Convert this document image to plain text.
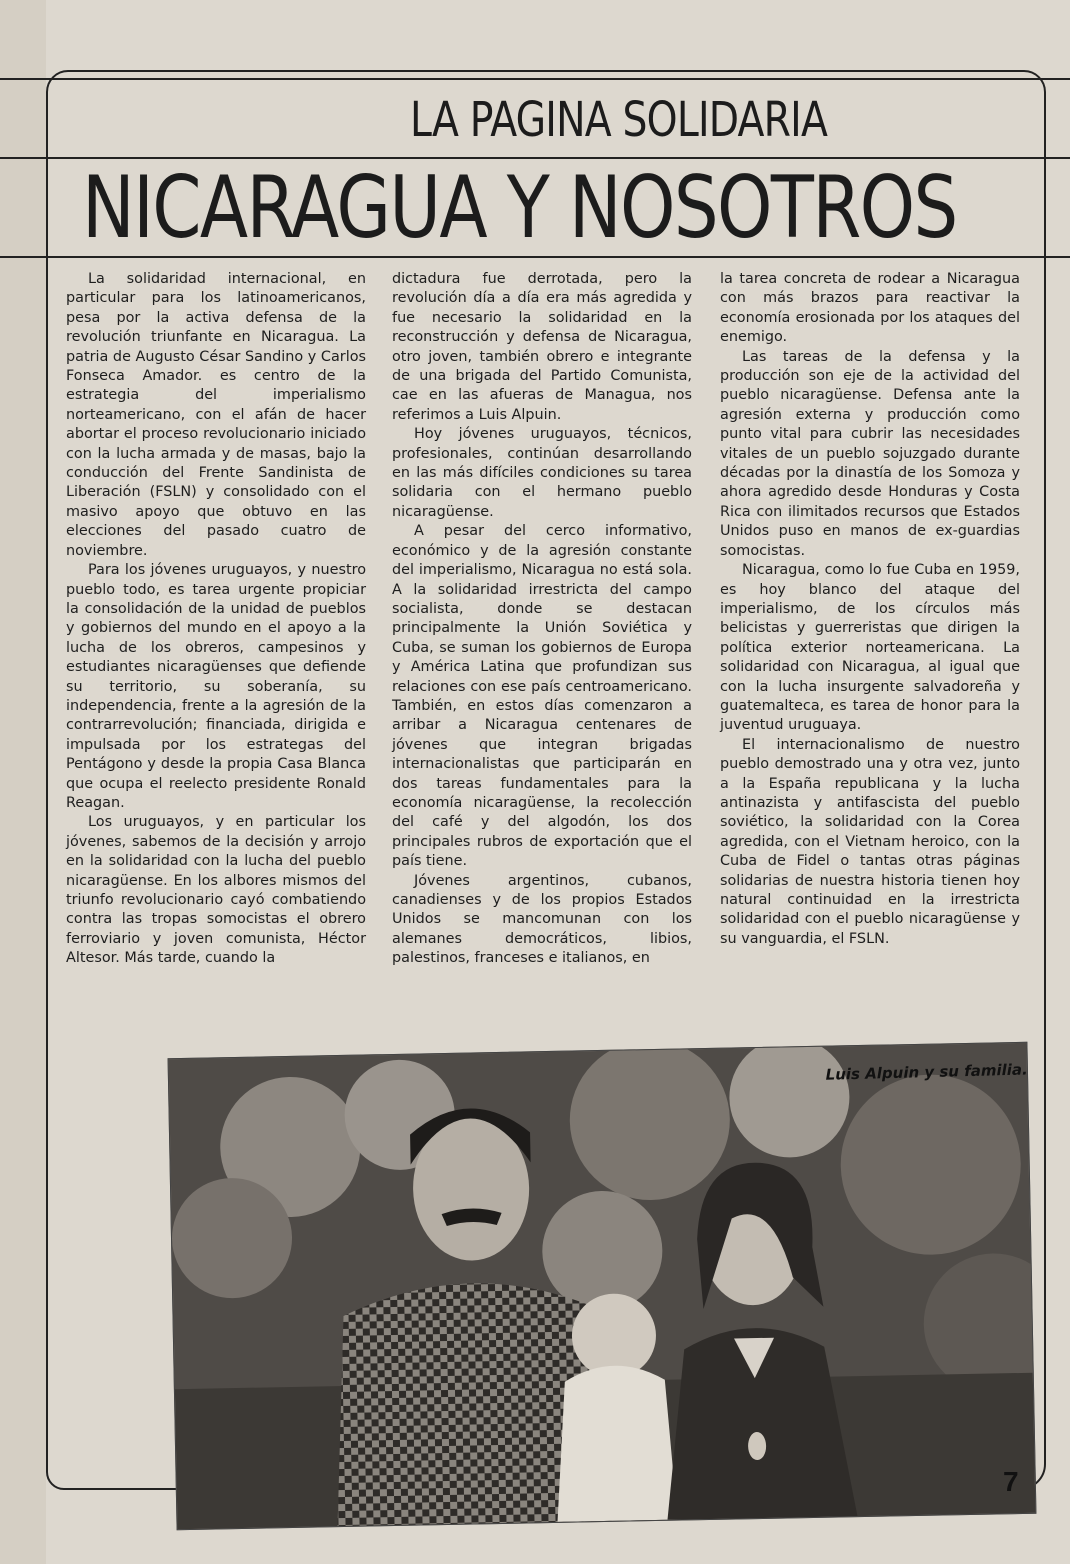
LA PAGINA SOLIDARIA
NICARAGUA Y NOSOTROS

La solidaridad internacional, en particular para los latinoamericanos, pesa por la activa defensa de la revolución triunfante en Nicaragua. La patria de Augusto César Sandino y Carlos Fonseca Amador. es centro de la estrategia del imperialismo norteamericano, con el afán de hacer abortar el proceso revolucionario iniciado con la lucha armada y de masas, bajo la conducción del Frente Sandinista de Liberación (FSLN) y consolidado con el masivo apoyo que obtuvo en las elecciones del pasado cuatro de noviembre.

Para los jóvenes uruguayos, y nuestro pueblo todo, es tarea urgente propiciar la consolidación de la unidad de pueblos y gobiernos del mundo en el apoyo a la lucha de los obreros, campesinos y estudiantes nicaragüenses que defiende su territorio, su soberanía, su independencia, frente a la agresión de la contrarrevolución; financiada, dirigida e impulsada por los estrategas del Pentágono y desde la propia Casa Blanca que ocupa el reelecto presidente Ronald Reagan.

Los uruguayos, y en particular los jóvenes, sabemos de la decisión y arrojo en la solidaridad con la lucha del pueblo nicaragüense. En los albores mismos del triunfo revolucionario cayó combatiendo contra las tropas somocistas el obrero ferroviario y joven comunista, Héctor Altesor. Más tarde, cuando la

dictadura fue derrotada, pero la revolución día a día era más agredida y fue necesario la solidaridad en la reconstrucción y defensa de Nicaragua, otro joven, también obrero e integrante de una brigada del Partido Comunista, cae en las afueras de Managua, nos referimos a Luis Alpuin.

Hoy jóvenes uruguayos, técnicos, profesionales, continúan desarrollando en las más difíciles condiciones su tarea solidaria con el hermano pueblo nicaragüense.

A pesar del cerco informativo, económico y de la agresión constante del imperialismo, Nicaragua no está sola. A la solidaridad irrestricta del campo socialista, donde se destacan principalmente la Unión Soviética y Cuba, se suman los gobiernos de Europa y América Latina que profundizan sus relaciones con ese país centroamericano. También, en estos días comenzaron a arribar a Nicaragua centenares de jóvenes que integran brigadas internacionalistas que participarán en dos tareas fundamentales para la economía nicaragüense, la recolección del café y del algodón, los dos principales rubros de exportación que el país tiene.

Jóvenes argentinos, cubanos, canadienses y de los propios Estados Unidos se mancomunan con los alemanes democráticos, libios, palestinos, franceses e italianos, en

la tarea concreta de rodear a Nicaragua con más brazos para reactivar la economía erosionada por los ataques del enemigo.

Las tareas de la defensa y la producción son eje de la actividad del pueblo nicaragüense. Defensa ante la agresión externa y producción como punto vital para cubrir las necesidades vitales de un pueblo sojuzgado durante décadas por la dinastía de los Somoza y ahora agredido desde Honduras y Costa Rica con ilimitados recursos que Estados Unidos puso en manos de ex-guardias somocistas.

Nicaragua, como lo fue Cuba en 1959, es hoy blanco del ataque del imperialismo, de los círculos más belicistas y guerreristas que dirigen la política exterior norteamericana. La solidaridad con Nicaragua, al igual que con la lucha insurgente salvadoreña y guatemalteca, es tarea de honor para la juventud uruguaya.

El internacionalismo de nuestro pueblo demostrado una y otra vez, junto a la España republicana y la lucha antinazista y antifascista del pueblo soviético, la solidaridad con la Corea agredida, con el Vietnam heroico, con la Cuba de Fidel o tantas otras páginas solidarias de nuestra historia tienen hoy natural continuidad en la irrestricta solidaridad con el pueblo nicaragüense y su vanguardia, el FSLN.

Luis Alpuin y su familia.
7
